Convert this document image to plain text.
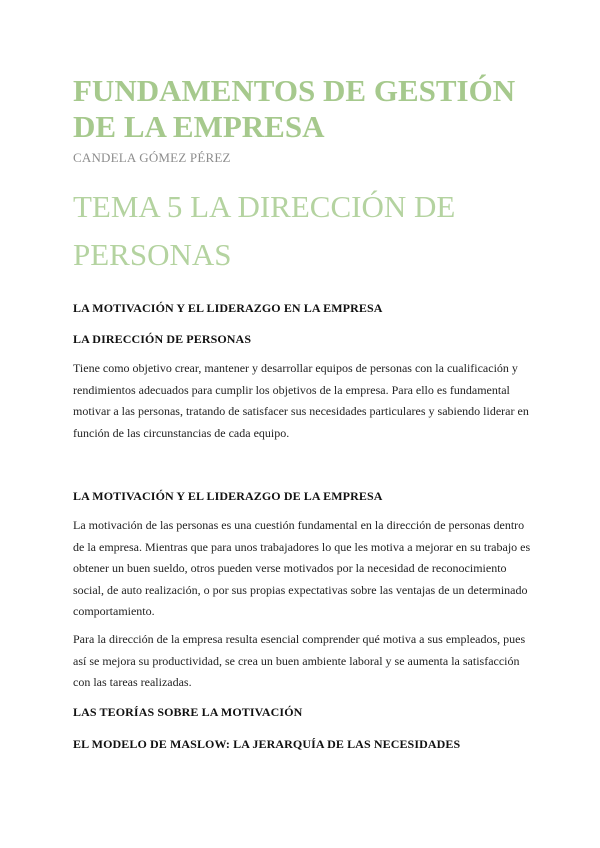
FUNDAMENTOS DE GESTIÓN DE LA EMPRESA

CANDELA GÓMEZ PÉREZ

TEMA 5 LA DIRECCIÓN DE PERSONAS
LA MOTIVACIÓN Y EL LIDERAZGO EN LA EMPRESA
LA DIRECCIÓN DE PERSONAS

Tiene como objetivo crear, mantener y desarrollar equipos de personas con la cualificación y rendimientos adecuados para cumplir los objetivos de la empresa. Para ello es fundamental motivar a las personas, tratando de satisfacer sus necesidades particulares y sabiendo liderar en función de las circunstancias de cada equipo.

LA MOTIVACIÓN Y EL LIDERAZGO DE LA EMPRESA

La motivación de las personas es una cuestión fundamental en la dirección de personas dentro de la empresa. Mientras que para unos trabajadores lo que les motiva a mejorar en su trabajo es obtener un buen sueldo, otros pueden verse motivados por la necesidad de reconocimiento social, de auto realización, o por sus propias expectativas sobre las ventajas de un determinado comportamiento.

Para la dirección de la empresa resulta esencial comprender qué motiva a sus empleados, pues así se mejora su productividad, se crea un buen ambiente laboral y se aumenta la satisfacción con las tareas realizadas.

LAS TEORÍAS SOBRE LA MOTIVACIÓN
EL MODELO DE MASLOW: LA JERARQUÍA DE LAS NECESIDADES
